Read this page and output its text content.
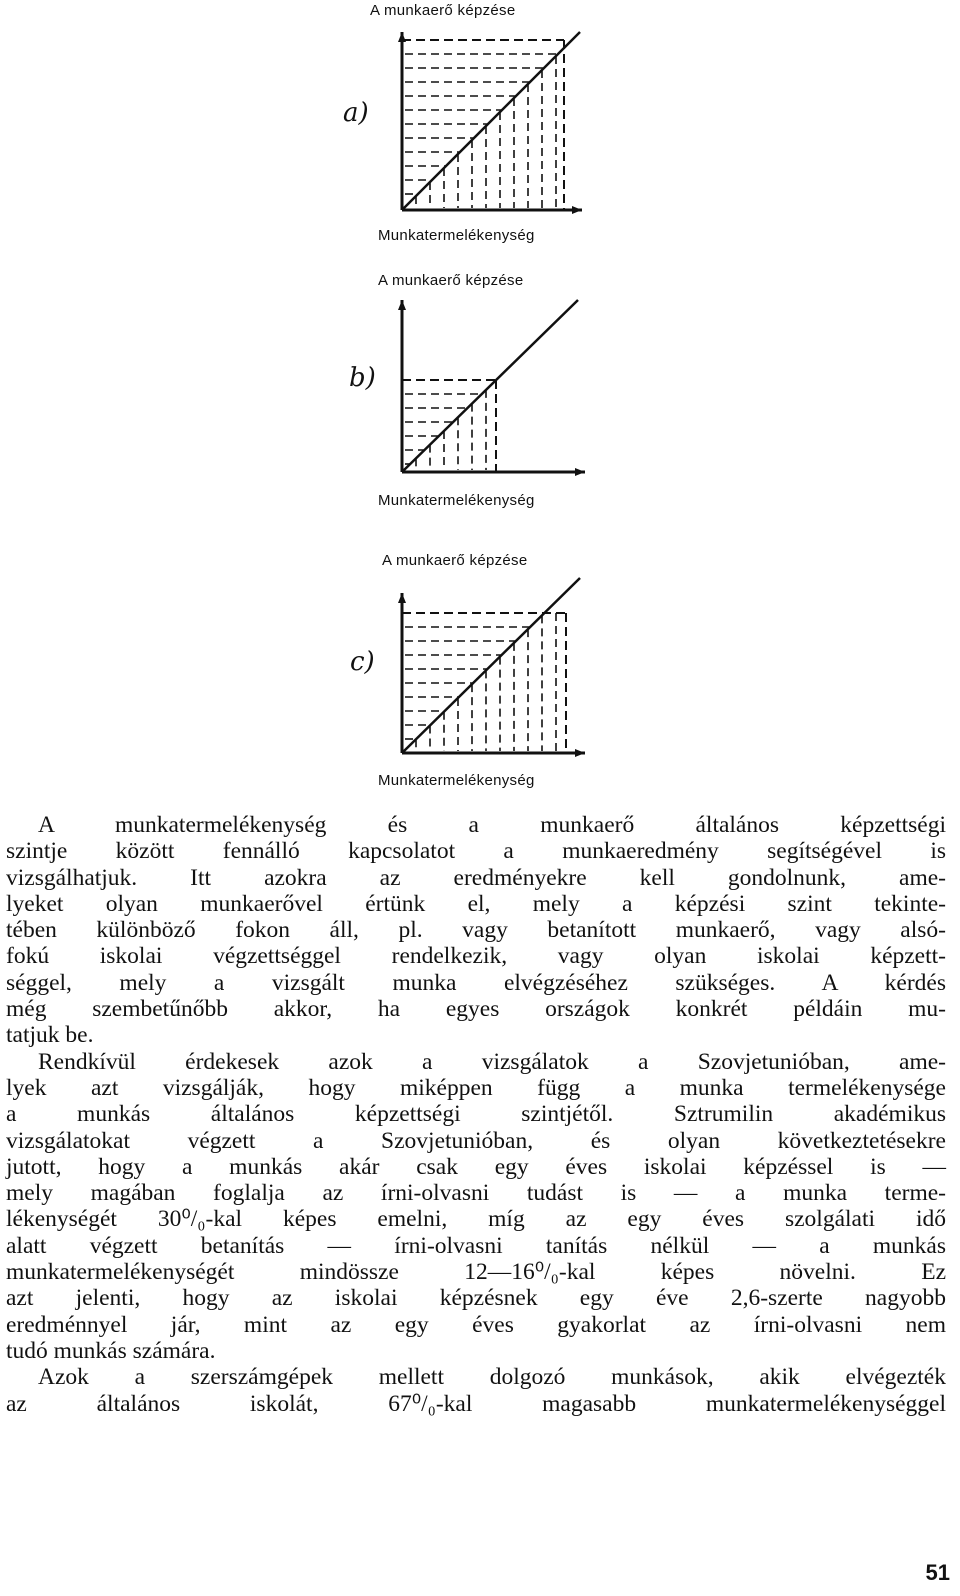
A munkaerő képzése
a)
Munkatermelékenység
A munkaerő képzése
b)
Munkatermelékenység
A munkaerő képzése
c)
Munkatermelékenység

A munkatermelékenység és a munkaerő általános képzettségi

szintje között fennálló kapcsolatot a munkaeredmény segítségével is

vizsgálhatjuk. Itt azokra az eredményekre kell gondolnunk, ame-

lyeket olyan munkaerővel értünk el, mely a képzési szint tekinte-

tében különböző fokon áll, pl. vagy betanított munkaerő, vagy alsó-

fokú iskolai végzettséggel rendelkezik, vagy olyan iskolai képzett-

séggel, mely a vizsgált munka elvégzéséhez szükséges. A kérdés

még szembetűnőbb akkor, ha egyes országok konkrét példáin mu-

tatjuk be.

Rendkívül érdekesek azok a vizsgálatok a Szovjetunióban, ame-

lyek azt vizsgálják, hogy miképpen függ a munka termelékenysége

a munkás általános képzettségi szintjétől. Sztrumilin akadémikus

vizsgálatokat végzett a Szovjetunióban, és olyan következtetésekre

jutott, hogy a munkás akár csak egy éves iskolai képzéssel is —

mely magában foglalja az írni-olvasni tudást is — a munka terme-

lékenységét 30⁰/₀-kal képes emelni, míg az egy éves szolgálati idő

alatt végzett betanítás — írni-olvasni tanítás nélkül — a munkás

munkatermelékenységét mindössze 12—16⁰/₀-kal képes növelni. Ez

azt jelenti, hogy az iskolai képzésnek egy éve 2,6-szerte nagyobb

eredménnyel jár, mint az egy éves gyakorlat az írni-olvasni nem

tudó munkás számára.

Azok a szerszámgépek mellett dolgozó munkások, akik elvégezték

az általános iskolát, 67⁰/₀-kal magasabb munkatermelékenységgel

51
